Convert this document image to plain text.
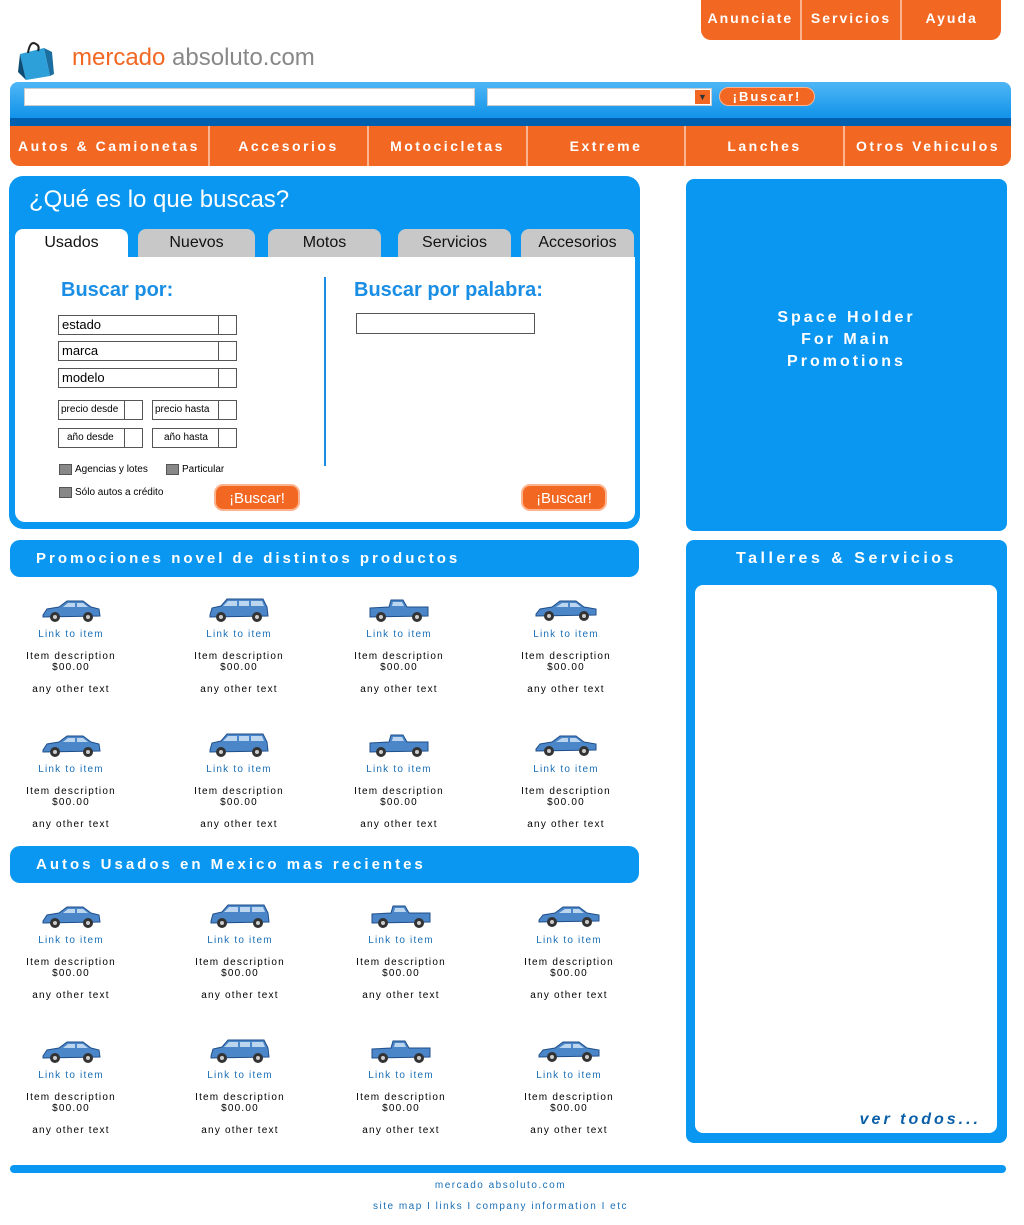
Anunciate	Servicios	Ayuda
mercado absoluto.com
▼	¡Buscar!
Autos & Camionetas	Accesorios	Motocicletas	Extreme	Lanches	Otros Vehiculos
¿Qué es lo que buscas?
Usados	Nuevos	Motos	Servicios	Accesorios
Buscar por:	Buscar por palabra:
estado
marca
modelo
precio desde	precio hasta
año desde	año hasta
Agencias y lotes	Particular
Sólo autos a crédito	¡Buscar!	¡Buscar!
Space Holder
For Main
Promotions
Promociones novel de distintos productos
Autos Usados en Mexico mas recientes
Link to item
Item description
$00.00
any other text
Link to item
Item description
$00.00
any other text
Link to item
Item description
$00.00
any other text
Link to item
Item description
$00.00
any other text
Link to item
Item description
$00.00
any other text
Link to item
Item description
$00.00
any other text
Link to item
Item description
$00.00
any other text
Link to item
Item description
$00.00
any other text
Link to item
Item description
$00.00
any other text
Link to item
Item description
$00.00
any other text
Link to item
Item description
$00.00
any other text
Link to item
Item description
$00.00
any other text
Link to item
Item description
$00.00
any other text
Link to item
Item description
$00.00
any other text
Link to item
Item description
$00.00
any other text
Link to item
Item description
$00.00
any other text
Talleres & Servicios
ver todos...
mercado absoluto.com
site map I links I company information I etc
